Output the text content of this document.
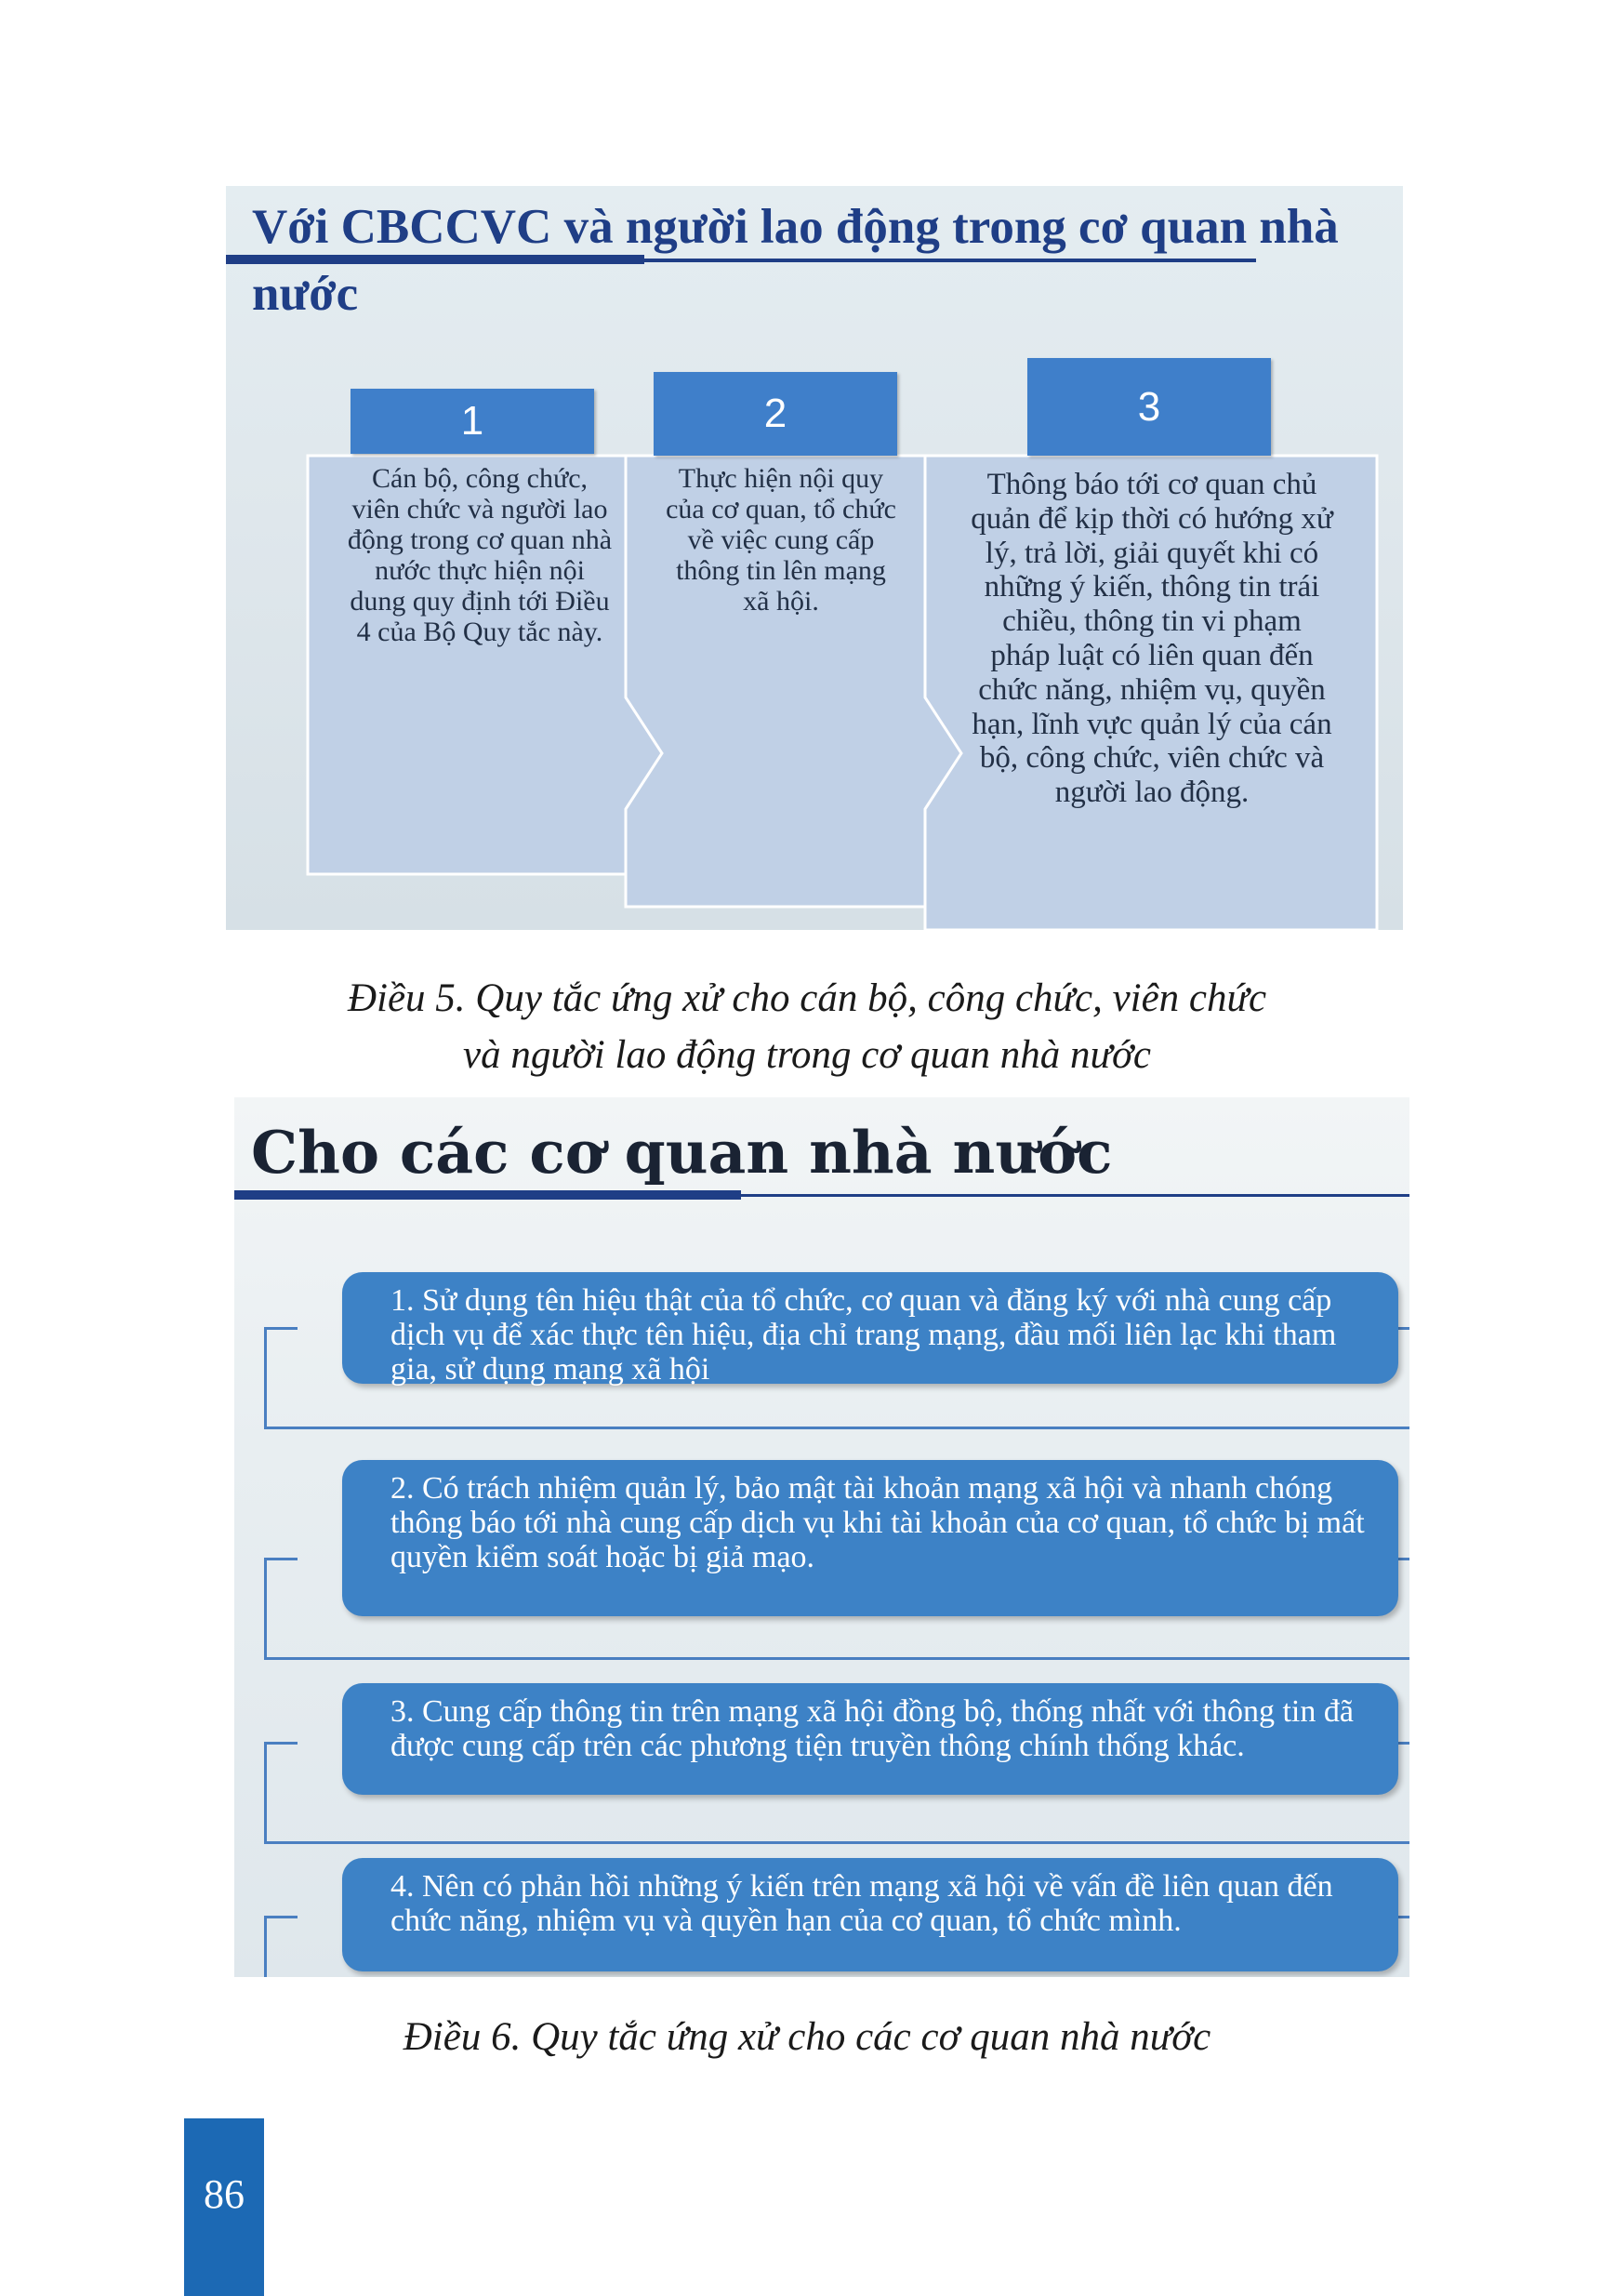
Với CBCCVC và người lao động trong cơ quan nhà nước
1	2	3
Cán bộ, công chức, viên chức và người lao động trong cơ quan nhà nước thực hiện nội dung quy định tới Điều 4 của Bộ Quy tắc này.
Thực hiện nội quy của cơ quan, tổ chức về việc cung cấp thông tin lên mạng xã hội.
Thông báo tới cơ quan chủ quản để kịp thời có hướng xử lý, trả lời, giải quyết khi có những ý kiến, thông tin trái chiều, thông tin vi phạm pháp luật có liên quan đến chức năng, nhiệm vụ, quyền hạn, lĩnh vực quản lý của cán bộ, công chức, viên chức và người lao động.
Điều 5. Quy tắc ứng xử cho cán bộ, công chức, viên chức
và người lao động trong cơ quan nhà nước
Cho các cơ quan nhà nước
1. Sử dụng tên hiệu thật của tổ chức, cơ quan và đăng ký với nhà cung cấp dịch vụ để xác thực tên hiệu, địa chỉ trang mạng, đầu mối liên lạc khi tham gia, sử dụng mạng xã hội
2. Có trách nhiệm quản lý, bảo mật tài khoản mạng xã hội và nhanh chóng thông báo tới nhà cung cấp dịch vụ khi tài khoản của cơ quan, tổ chức bị mất quyền kiểm soát hoặc bị giả mạo.
3. Cung cấp thông tin trên mạng xã hội đồng bộ, thống nhất với thông tin đã được cung cấp trên các phương tiện truyền thông chính thống khác.
4. Nên có phản hồi những ý kiến trên mạng xã hội về vấn đề liên quan đến chức năng, nhiệm vụ và quyền hạn của cơ quan, tổ chức mình.
Điều 6. Quy tắc ứng xử cho các cơ quan nhà nước
86
